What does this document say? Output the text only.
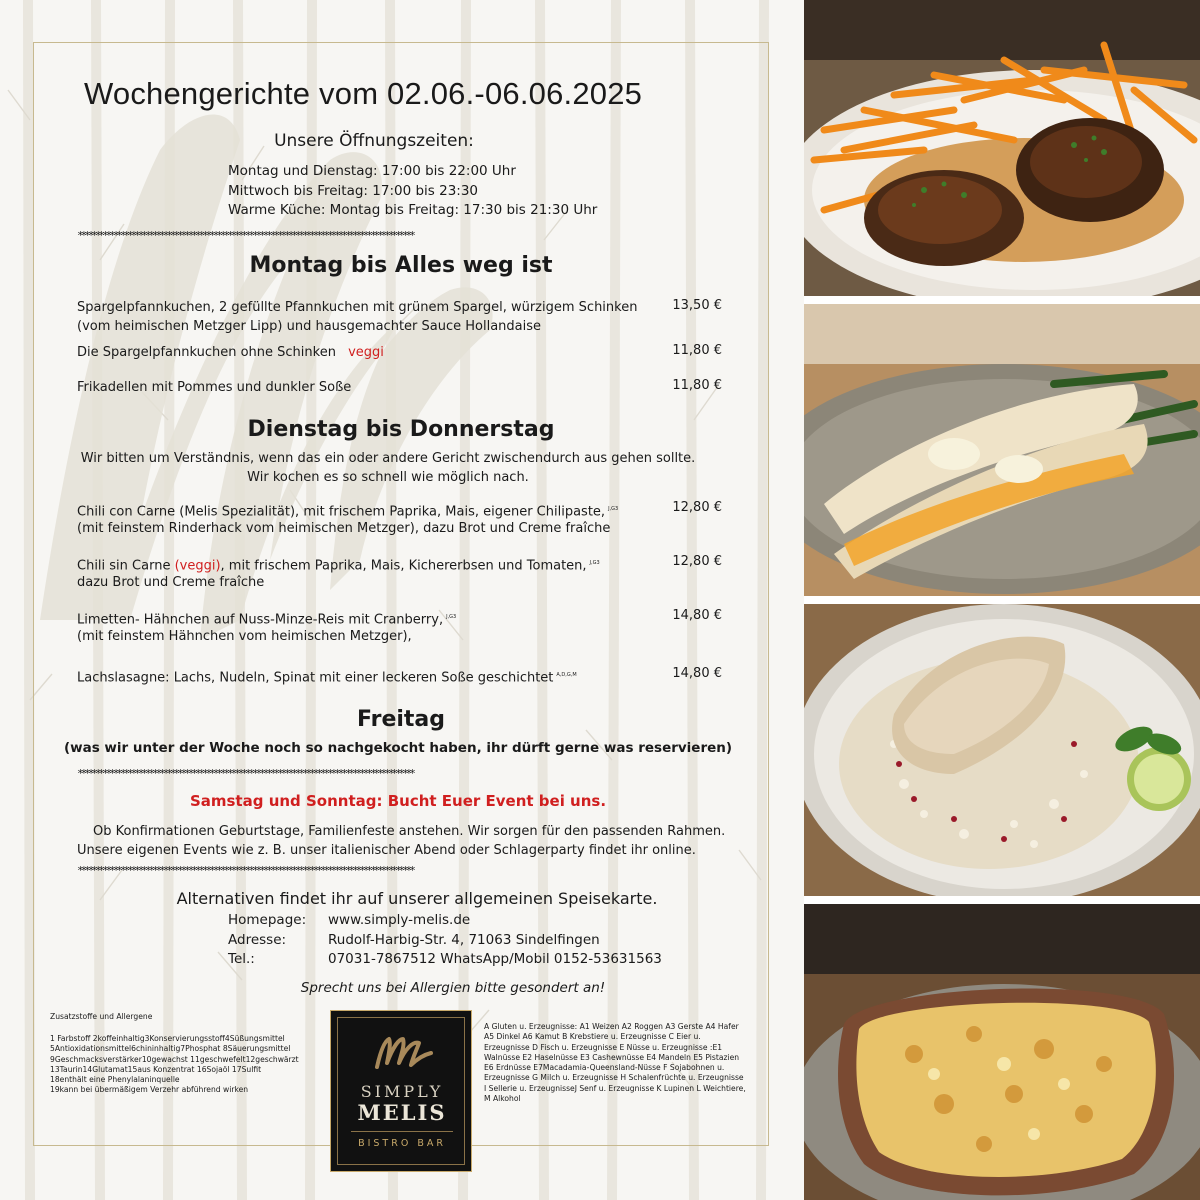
Wochengerichte vom 02.06.-06.06.2025
Unsere Öffnungszeiten:
Montag und Dienstag: 17:00 bis 22:00 Uhr
Mittwoch bis Freitag: 17:00 bis 23:30
Warme Küche: Montag bis Freitag: 17:30 bis 21:30 Uhr
**********************************************************************************************
Montag bis Alles weg ist
Spargelpfannkuchen, 2 gefüllte Pfannkuchen mit grünem Spargel, würzigem Schinken
(vom heimischen Metzger Lipp) und hausgemachter Sauce Hollandaise
13,50 €
Die Spargelpfannkuchen ohne Schinken veggi	11,80 €
Frikadellen mit Pommes und dunkler Soße	11,80 €
Dienstag bis Donnerstag
Wir bitten um Verständnis, wenn das ein oder andere Gericht zwischendurch aus gehen sollte.
Wir kochen es so schnell wie möglich nach.
Chili con Carne (Melis Spezialität), mit frischem Paprika, Mais, eigener Chilipaste, $^{J,G3}$
(mit feinstem Rinderhack vom heimischen Metzger), dazu Brot und Creme fraîche
12,80 €
Chili sin Carne (veggi), mit frischem Paprika, Mais, Kichererbsen und Tomaten, $^{J,G3}$
dazu Brot und Creme fraîche
12,80 €
Limetten- Hähnchen auf Nuss-Minze-Reis mit Cranberry, $^{J,G3}$
(mit feinstem Hähnchen vom heimischen Metzger),
14,80 €
Lachslasagne: Lachs, Nudeln, Spinat mit einer leckeren Soße geschichtet $^{A,D,G,M}$	14,80 €
Freitag
(was wir unter der Woche noch so nachgekocht haben, ihr dürft gerne was reservieren)
**********************************************************************************************
Samstag und Sonntag: Bucht Euer Event bei uns.
Ob Konfirmationen Geburtstage, Familienfeste anstehen. Wir sorgen für den passenden Rahmen.
Unsere eigenen Events wie z. B. unser italienischer Abend oder Schlagerparty findet ihr online.
**********************************************************************************************
Alternativen findet ihr auf unserer allgemeinen Speisekarte.
Homepage: www.simply-melis.de
Adresse:	Rudolf-Harbig-Str. 4, 71063 Sindelfingen
Tel.:	07031-7867512 WhatsApp/Mobil 0152-53631563
Sprecht uns bei Allergien bitte gesondert an!
Zusatzstoffe und Allergene
1 Farbstoff 2koffeinhaltig3Konservierungsstoff4Süßungsmittel
5Antioxidationsmittel6chininhaltig7Phosphat 8Säuerungsmittel
9Geschmacksverstärker10gewachst 11geschwefelt12geschwärzt
13Taurin14Glutamat15aus Konzentrat 16Sojaöl 17Sulfit
18enthält eine Phenylalaninquelle
19kann bei übermäßigem Verzehr abführend wirken
A Gluten u. Erzeugnisse: A1 Weizen A2 Roggen A3 Gerste A4 Hafer A5 Dinkel A6 Kamut B Krebstiere u. Erzeugnisse C Eier u. Erzeugnisse D Fisch u. Erzeugnisse E Nüsse u. Erzeugnisse :E1 Walnüsse E2 Haselnüsse E3 Cashewnüsse E4 Mandeln E5 Pistazien E6 Erdnüsse E7Macadamia-Queensland-Nüsse F Sojabohnen u. Erzeugnisse G Milch u. Erzeugnisse H Schalenfrüchte u. Erzeugnisse I Sellerie u. ErzeugnisseJ Senf u. Erzeugnisse K Lupinen L Weichtiere, M Alkohol
SIMPLY
MELIS
BISTRO BAR
